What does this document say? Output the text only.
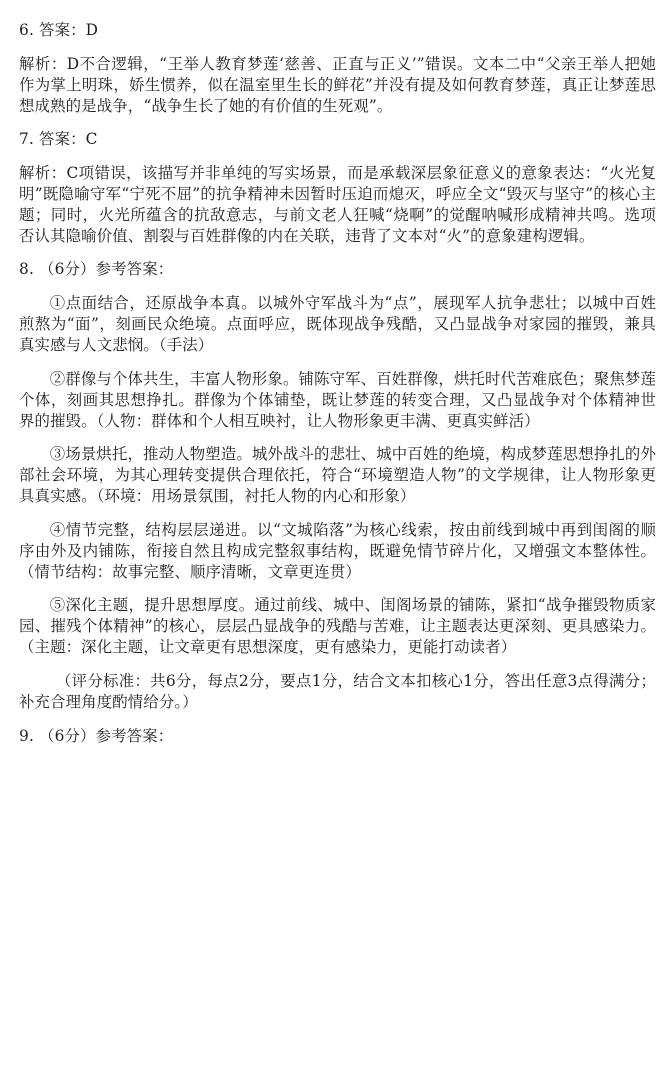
6. 答案：D
解析：D不合逻辑，“王举人教育梦莲‘慈善、正直与正义’”错误。文本二中“父亲王举人把她作为掌上明珠，娇生惯养，似在温室里生长的鲜花”并没有提及如何教育梦莲，真正让梦莲思想成熟的是战争，“战争生长了她的有价值的生死观”。
7. 答案：C
解析：C项错误，该描写并非单纯的写实场景，而是承载深层象征意义的意象表达：“火光复明”既隐喻守军“宁死不屈”的抗争精神未因暂时压迫而熄灭，呼应全文“毁灭与坚守”的核心主题；同时，火光所蕴含的抗敌意志，与前文老人狂喊“烧啊”的觉醒呐喊形成精神共鸣。选项否认其隐喻价值、割裂与百姓群像的内在关联，违背了文本对“火”的意象建构逻辑。
8. （6分）参考答案：
①点面结合，还原战争本真。以城外守军战斗为“点”，展现军人抗争悲壮；以城中百姓煎熬为“面”，刻画民众绝境。点面呼应，既体现战争残酷，又凸显战争对家园的摧毁，兼具真实感与人文悲悯。（手法）
②群像与个体共生，丰富人物形象。铺陈守军、百姓群像，烘托时代苦难底色；聚焦梦莲个体，刻画其思想挣扎。群像为个体铺垫，既让梦莲的转变合理，又凸显战争对个体精神世界的摧毁。（人物：群体和个人相互映衬，让人物形象更丰满、更真实鲜活）
③场景烘托，推动人物塑造。城外战斗的悲壮、城中百姓的绝境，构成梦莲思想挣扎的外部社会环境，为其心理转变提供合理依托，符合“环境塑造人物”的文学规律，让人物形象更具真实感。（环境：用场景氛围，衬托人物的内心和形象）
④情节完整，结构层层递进。以“文城陷落”为核心线索，按由前线到城中再到闺阁的顺序由外及内铺陈，衔接自然且构成完整叙事结构，既避免情节碎片化，又增强文本整体性。（情节结构：故事完整、顺序清晰，文章更连贯）
⑤深化主题，提升思想厚度。通过前线、城中、闺阁场景的铺陈，紧扣“战争摧毁物质家园、摧残个体精神”的核心，层层凸显战争的残酷与苦难，让主题表达更深刻、更具感染力。（主题：深化主题，让文章更有思想深度，更有感染力，更能打动读者）
（评分标准：共6分，每点2分，要点1分，结合文本扣核心1分，答出任意3点得满分；补充合理角度酌情给分。）
9. （6分）参考答案：
